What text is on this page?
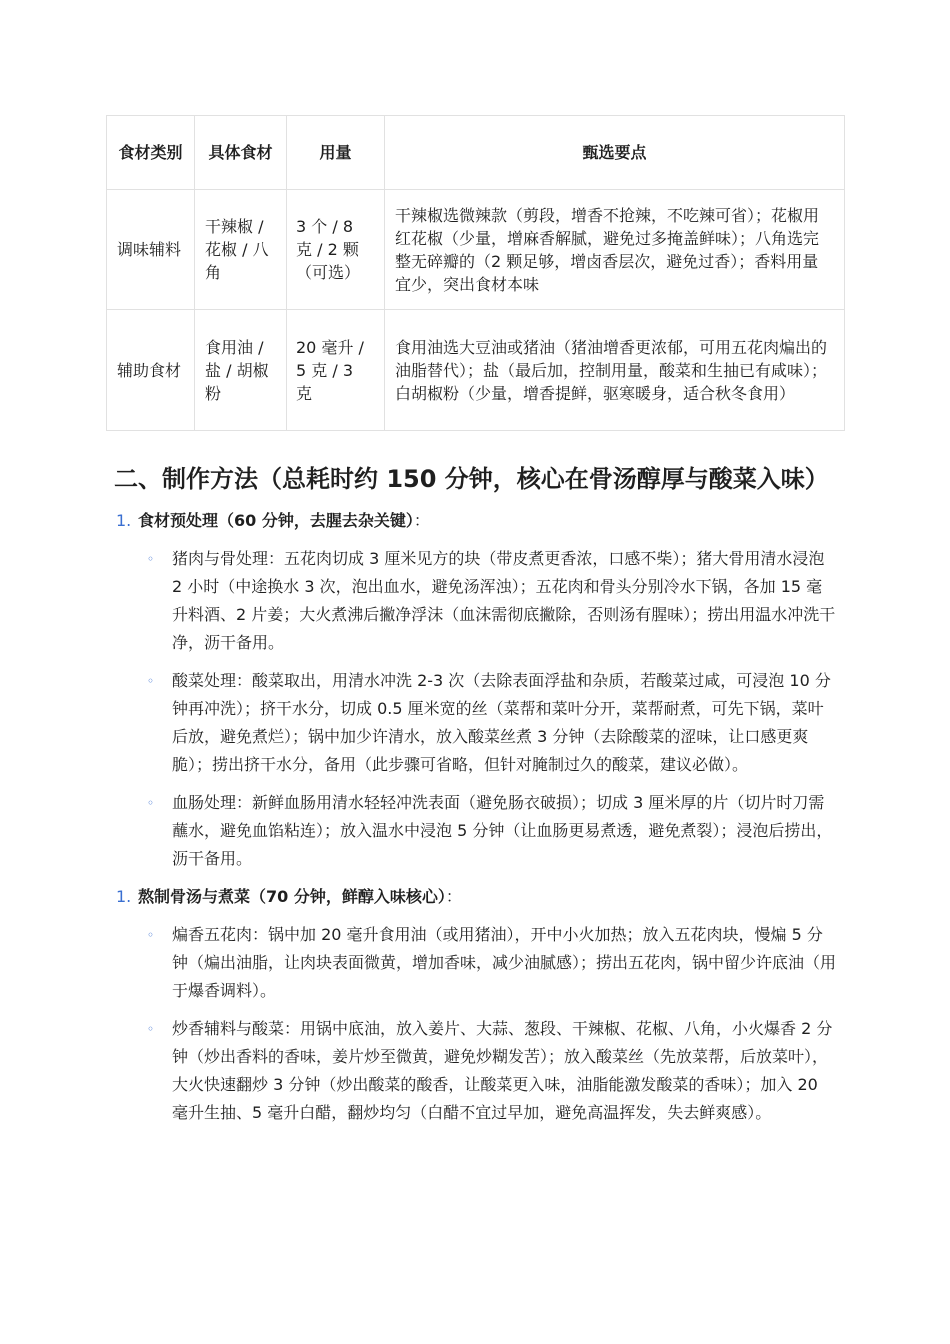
食材类别	具体食材	用量	甄选要点
调味辅料	干辣椒 / 花椒 / 八角	3 个 / 8 克 / 2 颗（可选）	干辣椒选微辣款（剪段，增香不抢辣，不吃辣可省）；花椒用红花椒（少量，增麻香解腻，避免过多掩盖鲜味）；八角选完整无碎瓣的（2 颗足够，增卤香层次，避免过香）；香料用量宜少，突出食材本味
辅助食材	食用油 / 盐 / 胡椒粉	20 毫升 / 5 克 / 3 克	食用油选大豆油或猪油（猪油增香更浓郁，可用五花肉煸出的油脂替代）；盐（最后加，控制用量，酸菜和生抽已有咸味）；白胡椒粉（少量，增香提鲜，驱寒暖身，适合秋冬食用）
二、制作方法（总耗时约 150 分钟，核心在骨汤醇厚与酸菜入味）
1. 食材预处理（60 分钟，去腥去杂关键）：
◦ 猪肉与骨处理：五花肉切成 3 厘米见方的块（带皮煮更香浓，口感不柴）；猪大骨用清水浸泡 2 小时（中途换水 3 次，泡出血水，避免汤浑浊）；五花肉和骨头分别冷水下锅，各加 15 毫升料酒、2 片姜；大火煮沸后撇净浮沫（血沫需彻底撇除，否则汤有腥味）；捞出用温水冲洗干净，沥干备用。
◦ 酸菜处理：酸菜取出，用清水冲洗 2-3 次（去除表面浮盐和杂质，若酸菜过咸，可浸泡 10 分钟再冲洗）；挤干水分，切成 0.5 厘米宽的丝（菜帮和菜叶分开，菜帮耐煮，可先下锅，菜叶后放，避免煮烂）；锅中加少许清水，放入酸菜丝煮 3 分钟（去除酸菜的涩味，让口感更爽脆）；捞出挤干水分，备用（此步骤可省略，但针对腌制过久的酸菜，建议必做）。
◦ 血肠处理：新鲜血肠用清水轻轻冲洗表面（避免肠衣破损）；切成 3 厘米厚的片（切片时刀需蘸水，避免血馅粘连）；放入温水中浸泡 5 分钟（让血肠更易煮透，避免煮裂）；浸泡后捞出，沥干备用。
1. 熬制骨汤与煮菜（70 分钟，鲜醇入味核心）：
◦ 煸香五花肉：锅中加 20 毫升食用油（或用猪油），开中小火加热；放入五花肉块，慢煸 5 分钟（煸出油脂，让肉块表面微黄，增加香味，减少油腻感）；捞出五花肉，锅中留少许底油（用于爆香调料）。
◦ 炒香辅料与酸菜：用锅中底油，放入姜片、大蒜、葱段、干辣椒、花椒、八角，小火爆香 2 分钟（炒出香料的香味，姜片炒至微黄，避免炒糊发苦）；放入酸菜丝（先放菜帮，后放菜叶），大火快速翻炒 3 分钟（炒出酸菜的酸香，让酸菜更入味，油脂能激发酸菜的香味）；加入 20 毫升生抽、5 毫升白醋，翻炒均匀（白醋不宜过早加，避免高温挥发，失去鲜爽感）。
